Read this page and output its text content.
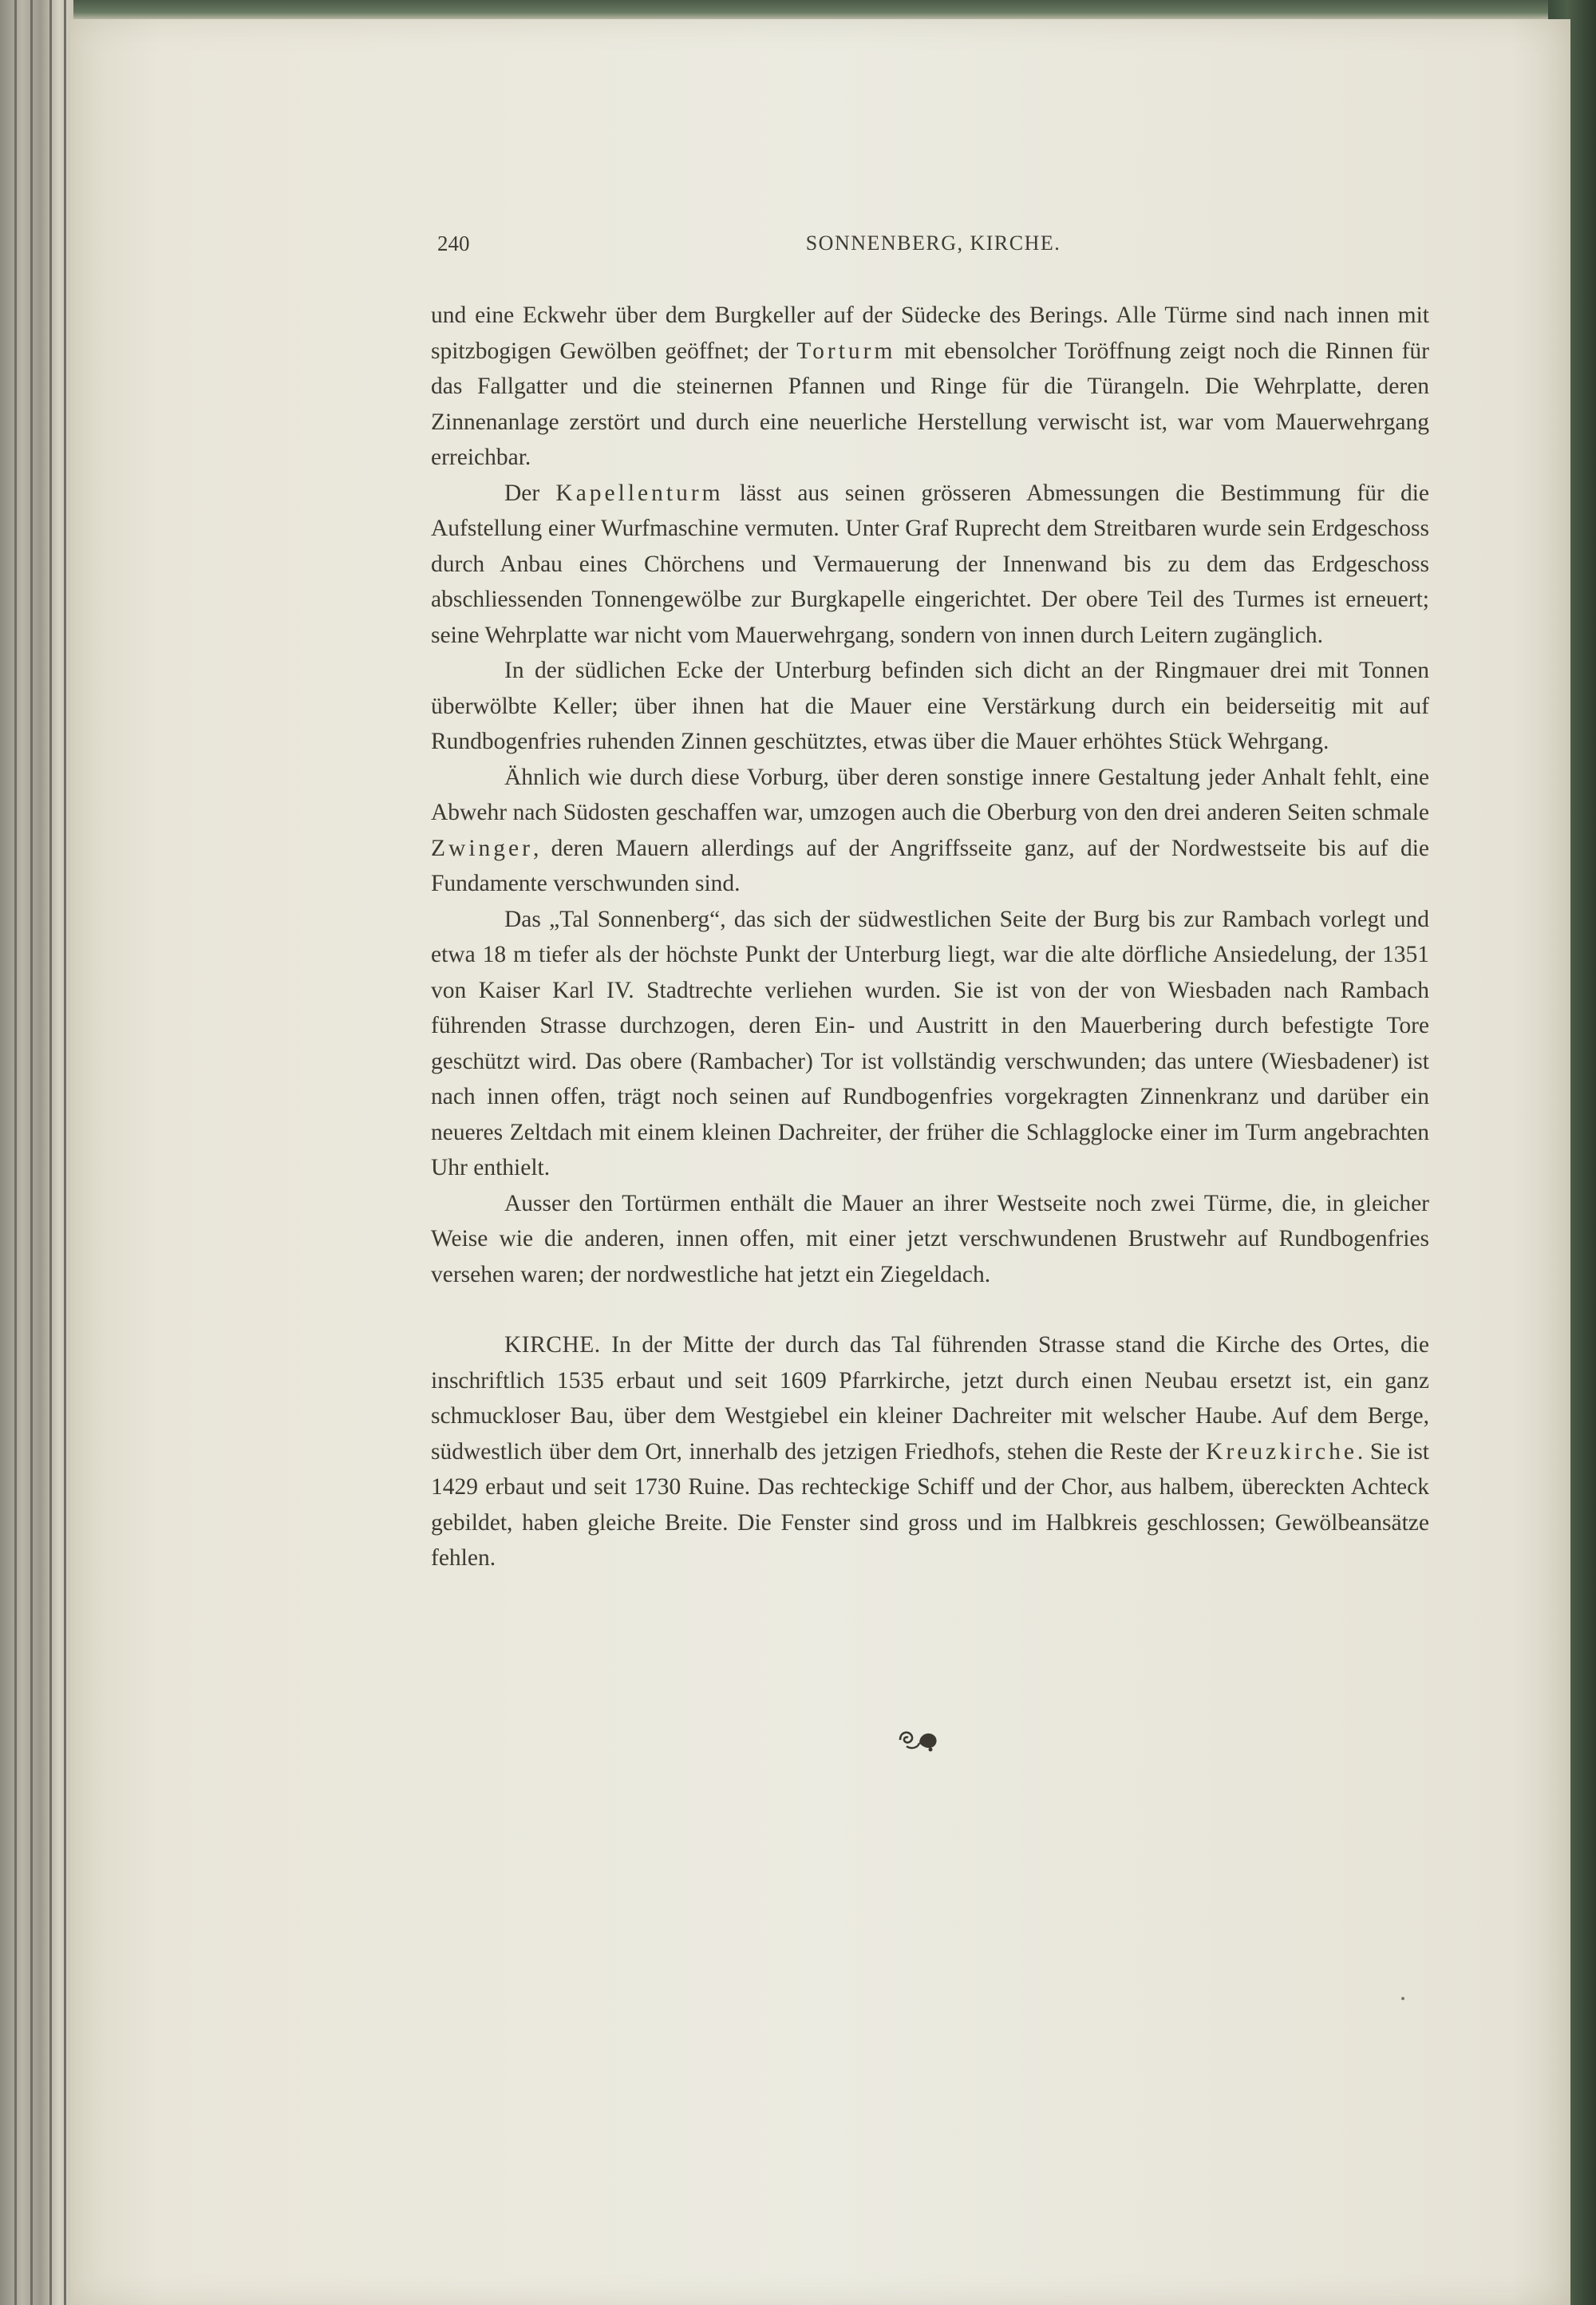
240	SONNENBERG, KIRCHE.

und eine Eckwehr über dem Burgkeller auf der Südecke des Berings. Alle Türme sind nach innen mit spitzbogigen Gewölben geöffnet; der Torturm mit ebensolcher Toröffnung zeigt noch die Rinnen für das Fallgatter und die steinernen Pfannen und Ringe für die Türangeln. Die Wehrplatte, deren Zinnenanlage zerstört und durch eine neuerliche Herstellung verwischt ist, war vom Mauerwehrgang erreichbar.

Der Kapellenturm lässt aus seinen grösseren Abmessungen die Bestimmung für die Aufstellung einer Wurfmaschine vermuten. Unter Graf Ruprecht dem Streitbaren wurde sein Erdgeschoss durch Anbau eines Chörchens und Vermauerung der Innenwand bis zu dem das Erdgeschoss abschliessenden Tonnengewölbe zur Burgkapelle eingerichtet. Der obere Teil des Turmes ist erneuert; seine Wehrplatte war nicht vom Mauerwehrgang, sondern von innen durch Leitern zugänglich.

In der südlichen Ecke der Unterburg befinden sich dicht an der Ringmauer drei mit Tonnen überwölbte Keller; über ihnen hat die Mauer eine Verstärkung durch ein beiderseitig mit auf Rundbogenfries ruhenden Zinnen geschütztes, etwas über die Mauer erhöhtes Stück Wehrgang.

Ähnlich wie durch diese Vorburg, über deren sonstige innere Gestaltung jeder Anhalt fehlt, eine Abwehr nach Südosten geschaffen war, umzogen auch die Oberburg von den drei anderen Seiten schmale Zwinger, deren Mauern allerdings auf der Angriffsseite ganz, auf der Nordwestseite bis auf die Fundamente verschwunden sind.

Das „Tal Sonnenberg“, das sich der südwestlichen Seite der Burg bis zur Rambach vorlegt und etwa 18 m tiefer als der höchste Punkt der Unterburg liegt, war die alte dörfliche Ansiedelung, der 1351 von Kaiser Karl IV. Stadtrechte verliehen wurden. Sie ist von der von Wiesbaden nach Rambach führenden Strasse durchzogen, deren Ein- und Austritt in den Mauerbering durch befestigte Tore geschützt wird. Das obere (Rambacher) Tor ist vollständig verschwunden; das untere (Wiesbadener) ist nach innen offen, trägt noch seinen auf Rundbogenfries vorgekragten Zinnenkranz und darüber ein neueres Zeltdach mit einem kleinen Dachreiter, der früher die Schlagglocke einer im Turm angebrachten Uhr enthielt.

Ausser den Tortürmen enthält die Mauer an ihrer Westseite noch zwei Türme, die, in gleicher Weise wie die anderen, innen offen, mit einer jetzt verschwundenen Brustwehr auf Rundbogenfries versehen waren; der nordwestliche hat jetzt ein Ziegeldach.

KIRCHE. In der Mitte der durch das Tal führenden Strasse stand die Kirche des Ortes, die inschriftlich 1535 erbaut und seit 1609 Pfarrkirche, jetzt durch einen Neubau ersetzt ist, ein ganz schmuckloser Bau, über dem Westgiebel ein kleiner Dachreiter mit welscher Haube. Auf dem Berge, südwestlich über dem Ort, innerhalb des jetzigen Friedhofs, stehen die Reste der Kreuzkirche. Sie ist 1429 erbaut und seit 1730 Ruine. Das rechteckige Schiff und der Chor, aus halbem, übereckten Achteck gebildet, haben gleiche Breite. Die Fenster sind gross und im Halbkreis geschlossen; Gewölbeansätze fehlen.
